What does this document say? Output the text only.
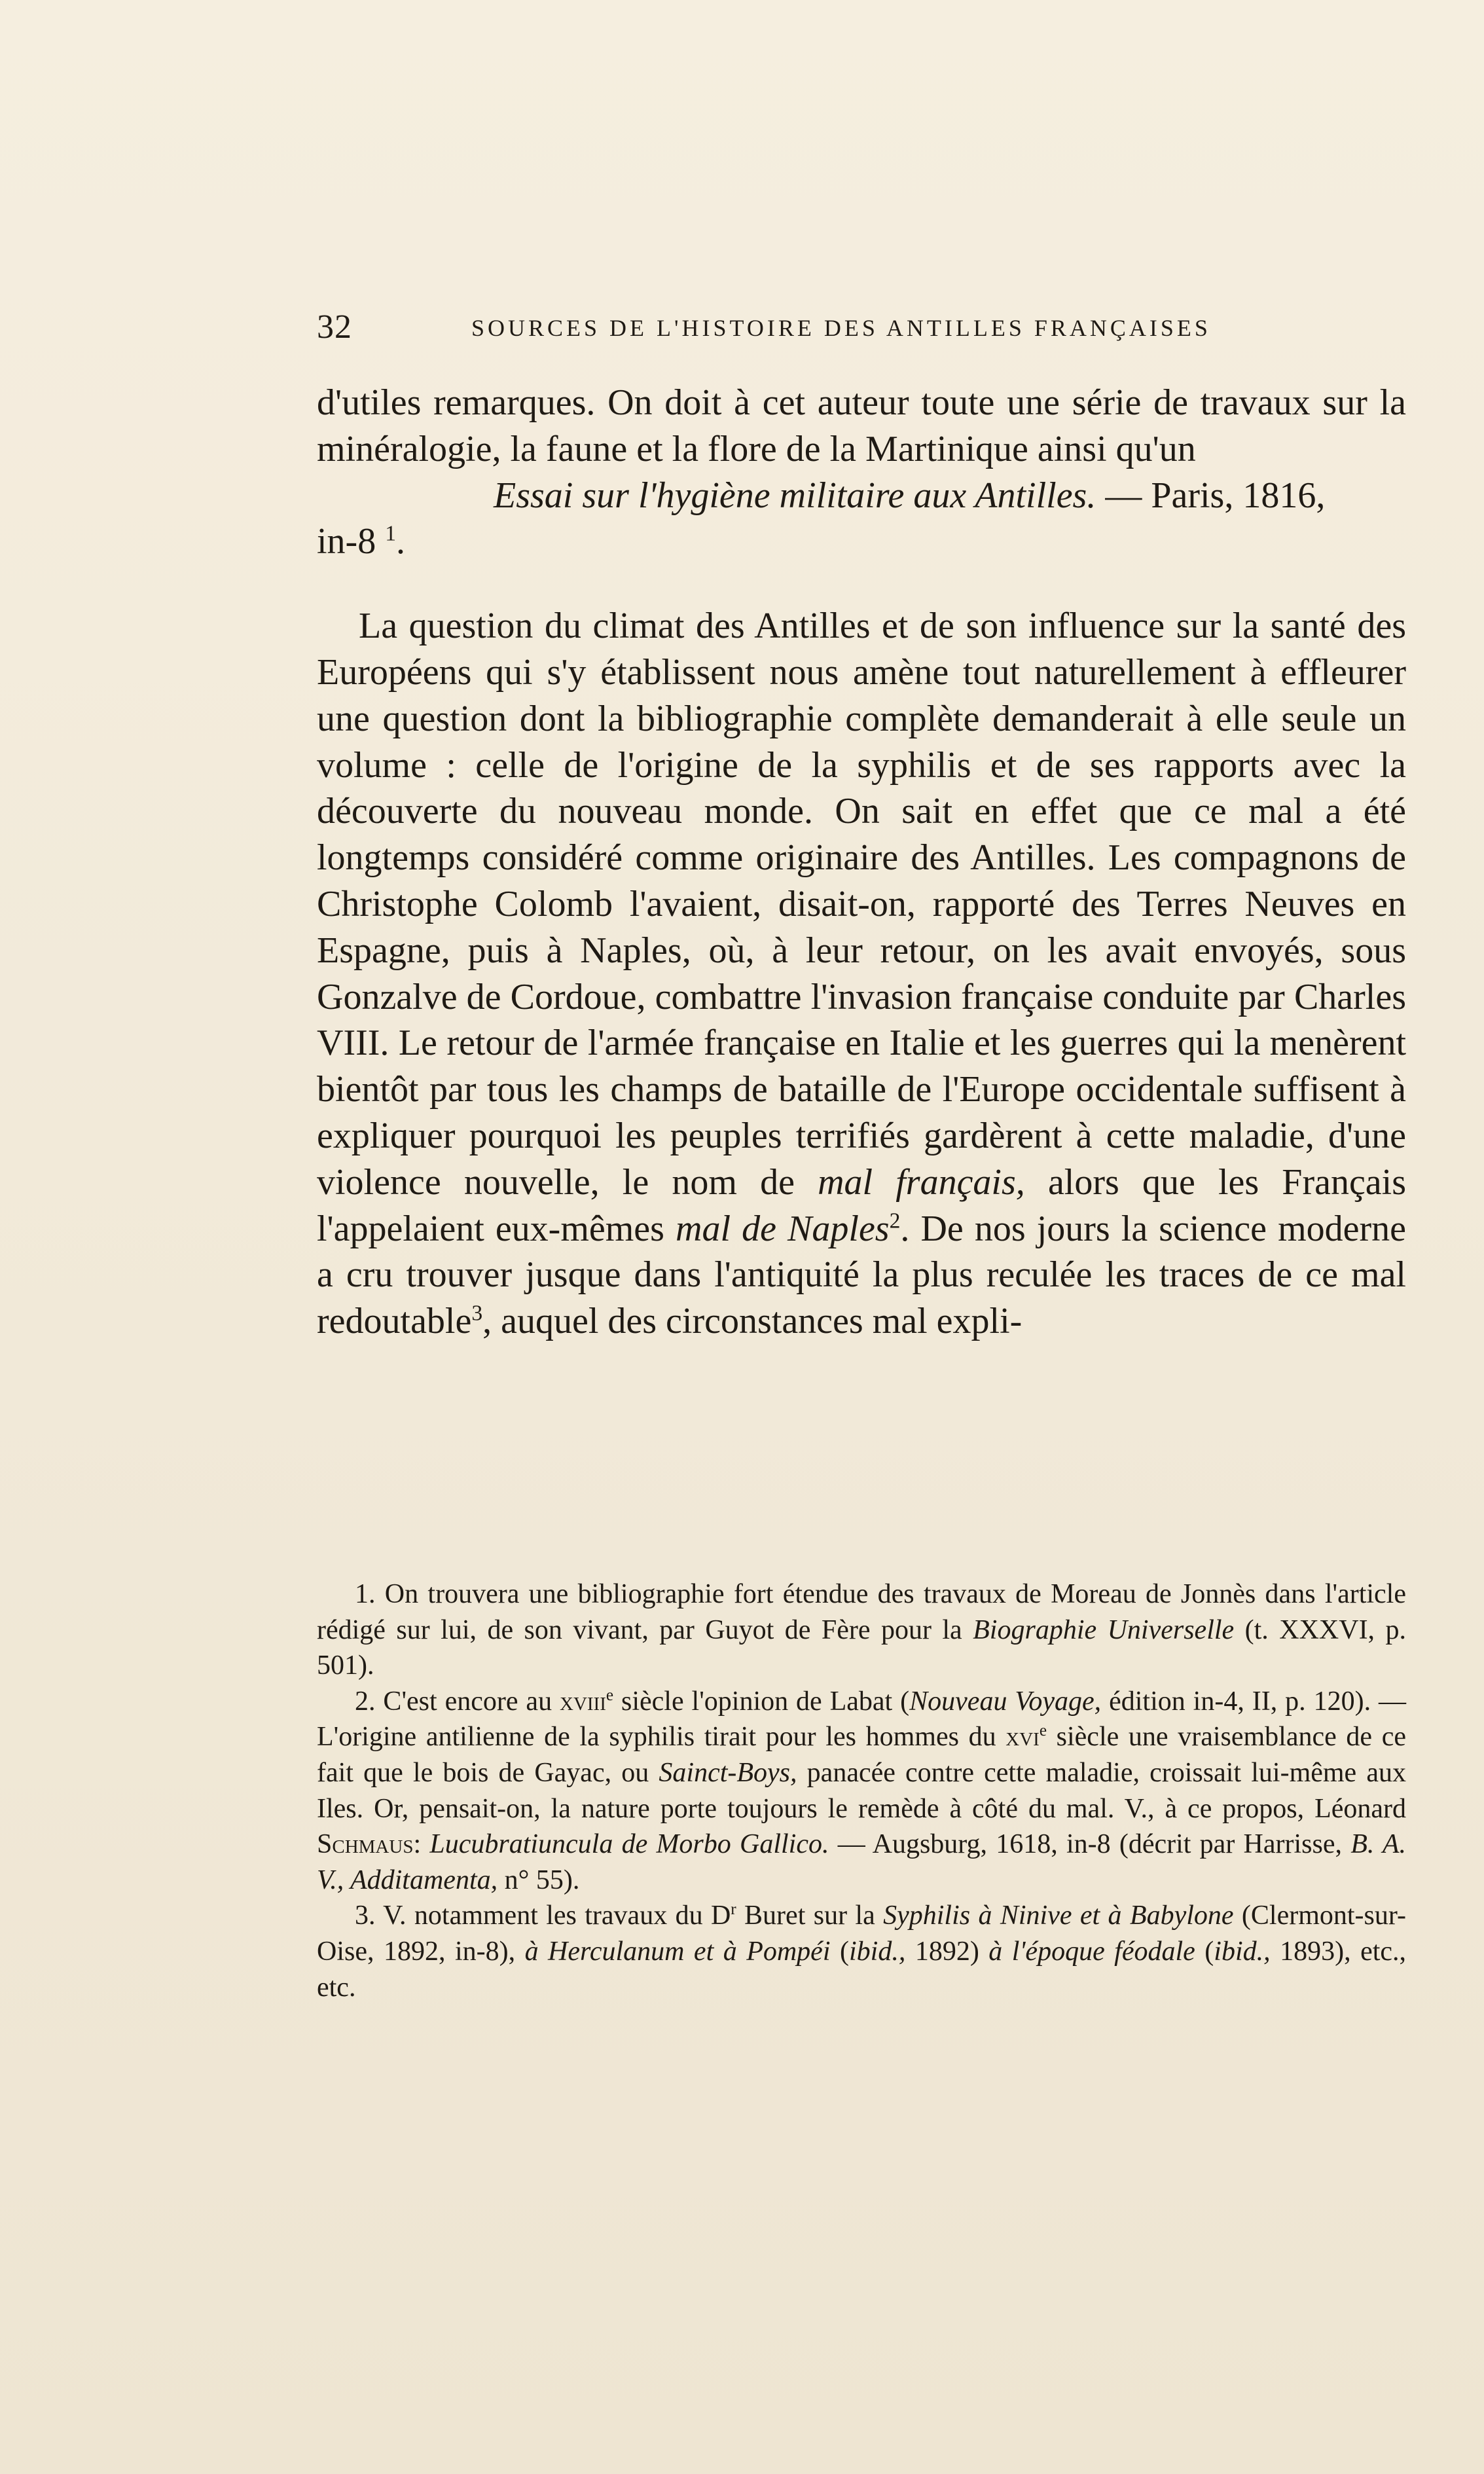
32	SOURCES DE L'HISTOIRE DES ANTILLES FRANÇAISES

d'utiles remarques. On doit à cet auteur toute une série de travaux sur la minéralogie, la faune et la flore de la Martinique ainsi qu'un

Essai sur l'hygiène militaire aux Antilles. — Paris, 1816,

in-8 $^1$.

La question du climat des Antilles et de son influence sur la santé des Européens qui s'y établissent nous amène tout naturellement à effleurer une question dont la bibliographie complète demanderait à elle seule un volume : celle de l'origine de la syphilis et de ses rapports avec la découverte du nouveau monde. On sait en effet que ce mal a été longtemps considéré comme originaire des Antilles. Les compagnons de Christophe Colomb l'avaient, disait-on, rapporté des Terres Neuves en Espagne, puis à Naples, où, à leur retour, on les avait envoyés, sous Gonzalve de Cordoue, combattre l'invasion française conduite par Charles VIII. Le retour de l'armée française en Italie et les guerres qui la menèrent bientôt par tous les champs de bataille de l'Europe occidentale suffisent à expliquer pourquoi les peuples terrifiés gardèrent à cette maladie, d'une violence nouvelle, le nom de mal français, alors que les Français l'appelaient eux-mêmes mal de Naples$^2$. De nos jours la science moderne a cru trouver jusque dans l'antiquité la plus reculée les traces de ce mal redoutable$^3$, auquel des circonstances mal expli-

1. On trouvera une bibliographie fort étendue des travaux de Moreau de Jonnès dans l'article rédigé sur lui, de son vivant, par Guyot de Fère pour la Biographie Universelle (t. XXXVI, p. 501).

2. C'est encore au xviii$^e$ siècle l'opinion de Labat (Nouveau Voyage, édition in-4, II, p. 120). — L'origine antilienne de la syphilis tirait pour les hommes du xvi$^e$ siècle une vraisemblance de ce fait que le bois de Gayac, ou Sainct-Boys, panacée contre cette maladie, croissait lui-même aux Iles. Or, pensait-on, la nature porte toujours le remède à côté du mal. V., à ce propos, Léonard Schmaus: Lucubratiuncula de Morbo Gallico. — Augsburg, 1618, in-8 (décrit par Harrisse, B. A. V., Additamenta, n° 55).

3. V. notamment les travaux du $D^r$ Buret sur la Syphilis à Ninive et à Babylone (Clermont-sur-Oise, 1892, in-8), à Herculanum et à Pompéi (ibid., 1892) à l'époque féodale (ibid., 1893), etc., etc.
